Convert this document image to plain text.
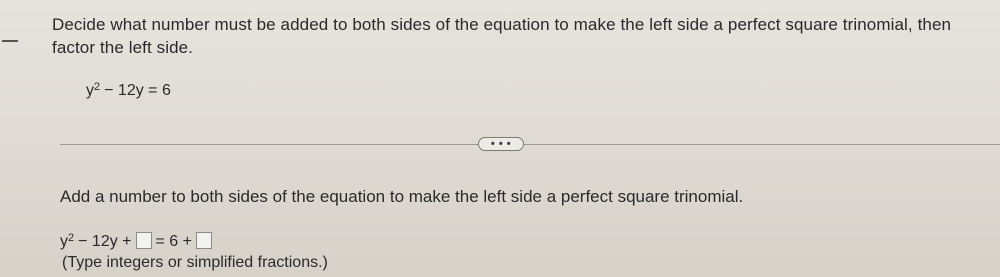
Decide what number must be added to both sides of the equation to make the left side a perfect square trinomial, then factor the left side.
$y^2 - 12y = 6$
• • •
Add a number to both sides of the equation to make the left side a perfect square trinomial.
$y^2 - 12y$ + = 6 +
(Type integers or simplified fractions.)
